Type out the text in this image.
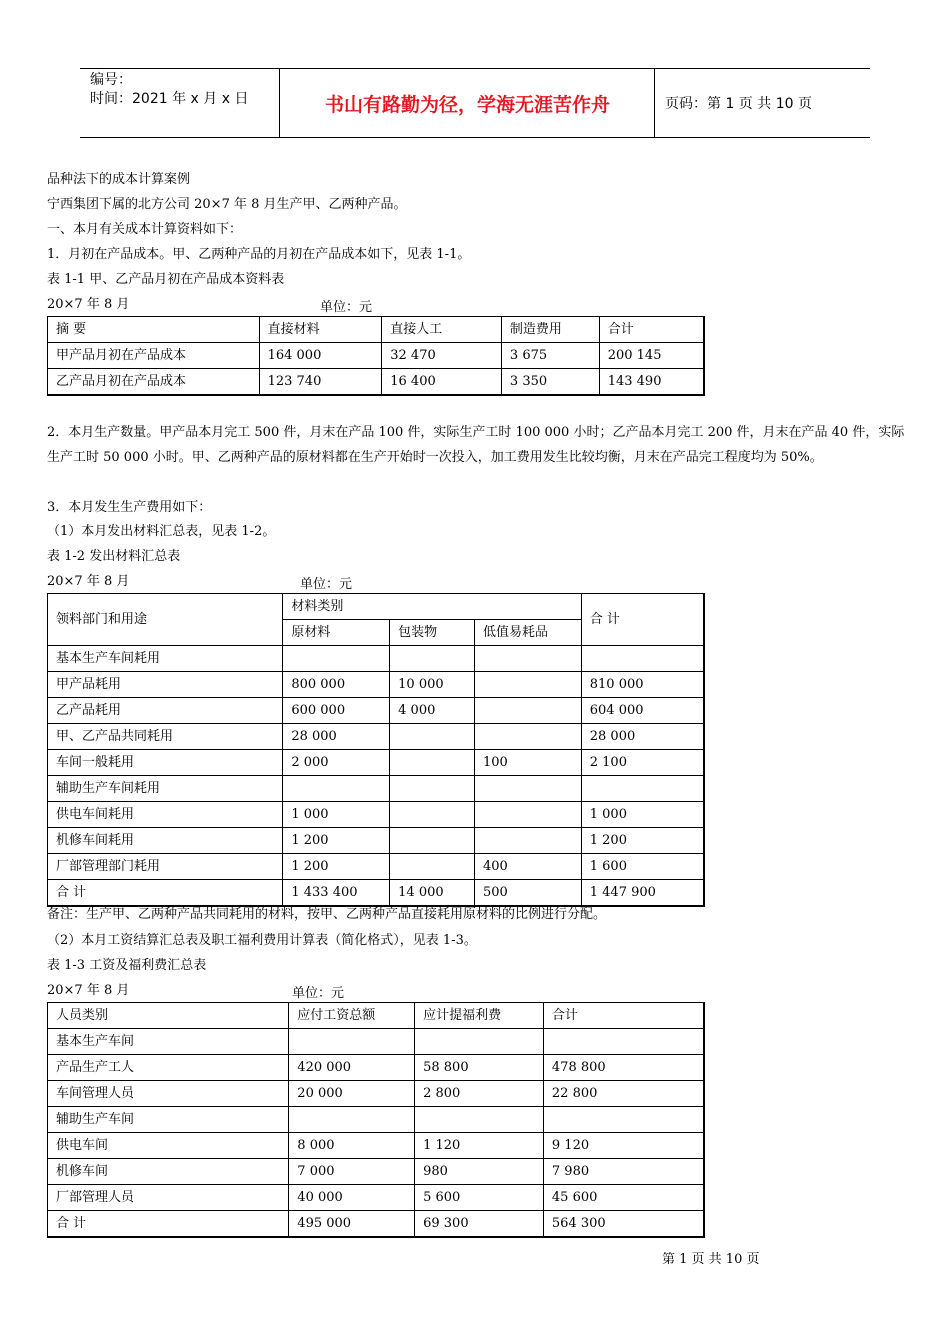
编号：
时间：2021 年 x 月 x 日	书山有路勤为径，学海无涯苦作舟	页码：第 1 页 共 10 页
品种法下的成本计算案例
宁西集团下属的北方公司 20×7 年 8 月生产甲、乙两种产品。
一、本月有关成本计算资料如下：
1．月初在产品成本。甲、乙两种产品的月初在产品成本如下，见表 1-1。
表 1-1 甲、乙产品月初在产品成本资料表
20×7 年 8 月	单位：元
摘 要	直接材料	直接人工	制造费用	合计
甲产品月初在产品成本	164 000	32 470	3 675	200 145
乙产品月初在产品成本	123 740	16 400	3 350	143 490
2．本月生产数量。甲产品本月完工 500 件，月末在产品 100 件，实际生产工时 100 000 小时；乙产品本月完工 200 件，月末在产品 40 件，实际生产工时 50 000 小时。甲、乙两种产品的原材料都在生产开始时一次投入，加工费用发生比较均衡，月末在产品完工程度均为 50%。
3．本月发生生产费用如下：
（1）本月发出材料汇总表，见表 1-2。
表 1-2 发出材料汇总表
20×7 年 8 月	单位：元
领料部门和用途	材料类别			合 计
	原材料	包装物	低值易耗品	
基本生产车间耗用				
甲产品耗用	800 000	10 000		810 000
乙产品耗用	600 000	4 000		604 000
甲、乙产品共同耗用	28 000			28 000
车间一般耗用	2 000		100	2 100
辅助生产车间耗用				
供电车间耗用	1 000			1 000
机修车间耗用	1 200			1 200
厂部管理部门耗用	1 200		400	1 600
合 计	1 433 400	14 000	500	1 447 900
备注：生产甲、乙两种产品共同耗用的材料，按甲、乙两种产品直接耗用原材料的比例进行分配。
（2）本月工资结算汇总表及职工福利费用计算表（简化格式），见表 1-3。
表 1-3 工资及福利费汇总表
20×7 年 8 月	单位：元
人员类别	应付工资总额	应计提福利费	合计
基本生产车间			
产品生产工人	420 000	58 800	478 800
车间管理人员	20 000	2 800	22 800
辅助生产车间			
供电车间	8 000	1 120	9 120
机修车间	7 000	980	7 980
厂部管理人员	40 000	5 600	45 600
合 计	495 000	69 300	564 300
第 1 页 共 10 页
